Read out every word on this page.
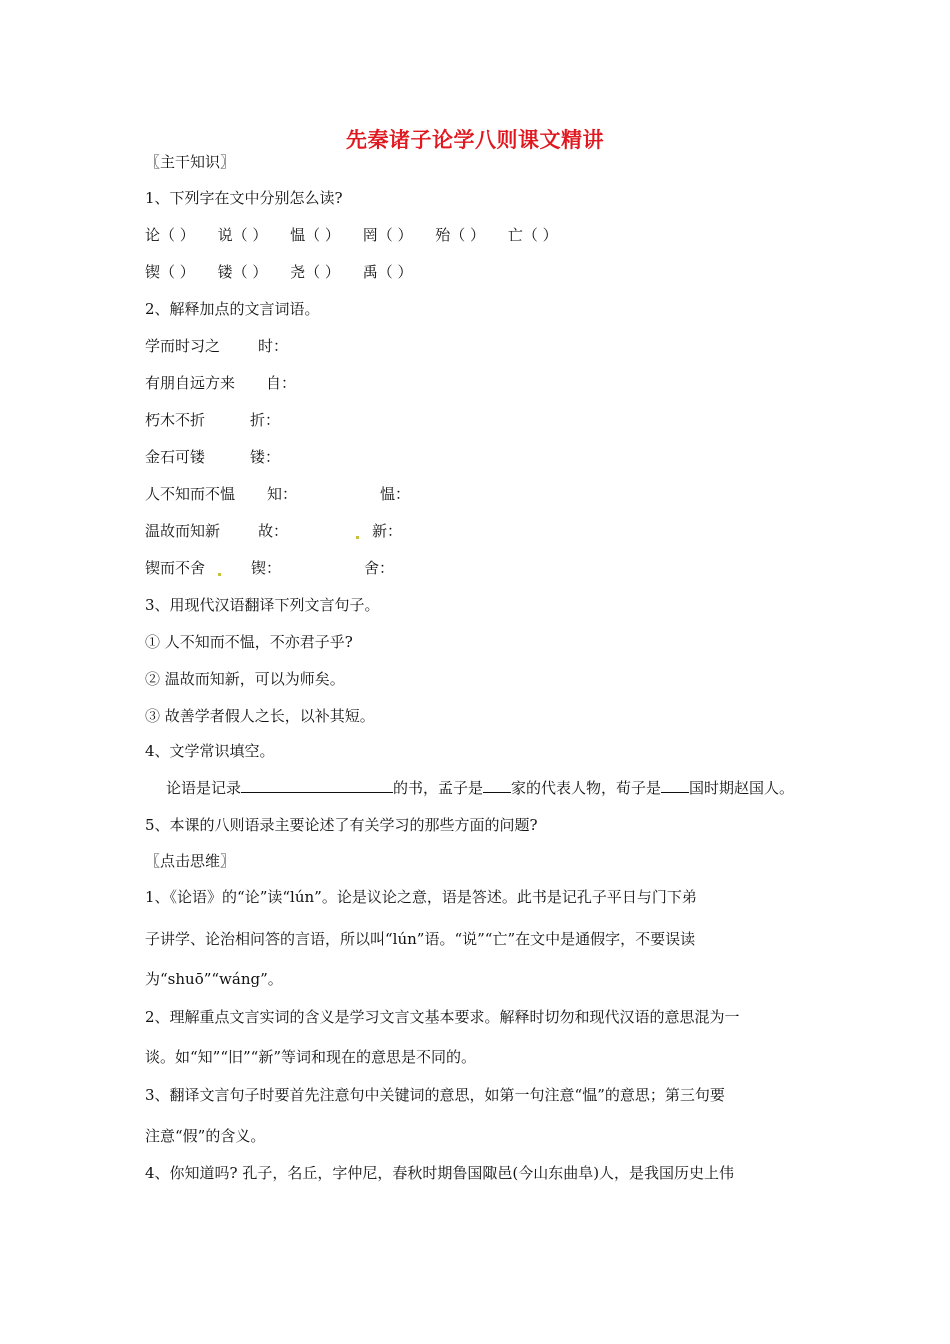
先秦诸子论学八则课文精讲
〖主干知识〗
1、下列字在文中分别怎么读?
论（ ） 说（ ） 愠（ ） 罔（ ） 殆（ ） 亡（ ）
锲（ ） 镂（ ） 尧（ ） 禹（ ）
2、解释加点的文言词语。
学而时习之	时：
有朋自远方来 自：
朽木不折	折：
金石可镂	镂：
人不知而不愠 知：	愠：
温故而知新	故：	新：
锲而不舍	锲：	舍：
3、用现代汉语翻译下列文言句子。
① 人不知而不愠，不亦君子乎?
② 温故而知新，可以为师矣。
③ 故善学者假人之长，以补其短。
4、文学常识填空。
论语是记录	的书，孟子是 家的代表人物，荀子是 国时期赵国人。
5、本课的八则语录主要论述了有关学习的那些方面的问题?
〖点击思维〗
1、《论语》的“论”读“lún”。论是议论之意，语是答述。此书是记孔子平日与门下弟
子讲学、论治相问答的言语，所以叫“lún”语。“说”“亡”在文中是通假字，不要误读
为“shuō”“wáng”。
2、理解重点文言实词的含义是学习文言文基本要求。解释时切勿和现代汉语的意思混为一
谈。如“知”“旧”“新”等词和现在的意思是不同的。
3、翻译文言句子时要首先注意句中关键词的意思，如第一句注意“愠”的意思；第三句要
注意“假”的含义。
4、你知道吗? 孔子，名丘，字仲尼，春秋时期鲁国陬邑(今山东曲阜)人，是我国历史上伟
